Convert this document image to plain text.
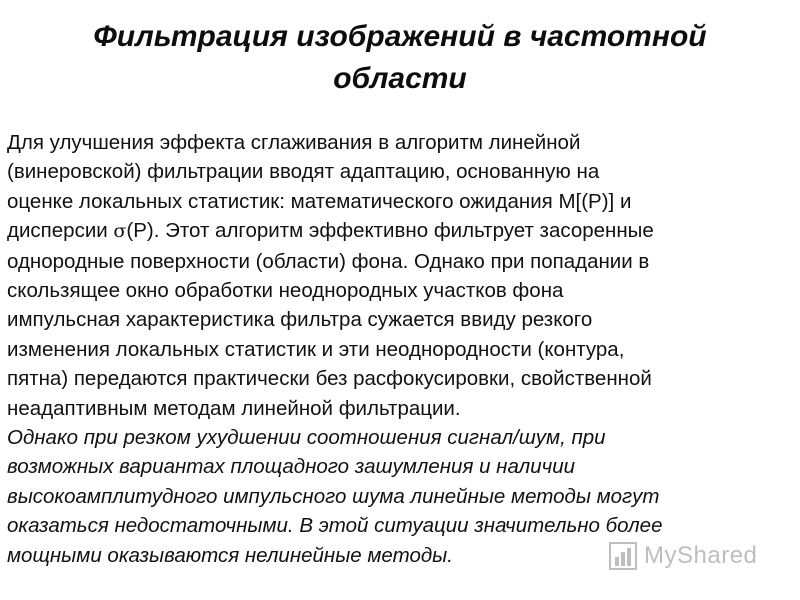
Фильтрация изображений в частотной
области
Для улучшения эффекта сглаживания в алгоритм линейной
(винеровской) фильтрации вводят адаптацию, основанную на
оценке локальных статистик: математического ожидания М[(Р)] и
дисперсии σ(Р). Этот алгоритм эффективно фильтрует засоренные
однородные поверхности (области) фона. Однако при попадании в
скользящее окно обработки неоднородных участков фона
импульсная характеристика фильтра сужается ввиду резкого
изменения локальных статистик и эти неоднородности (контура,
пятна) передаются практически без расфокусировки, свойственной
неадаптивным методам линейной фильтрации.
Однако при резком ухудшении соотношения сигнал/шум, при
возможных вариантах площадного зашумления и наличии
высокоамплитудного импульсного шума линейные методы могут
оказаться недостаточными. В этой ситуации значительно более
мощными оказываются нелинейные методы.	MyShared
